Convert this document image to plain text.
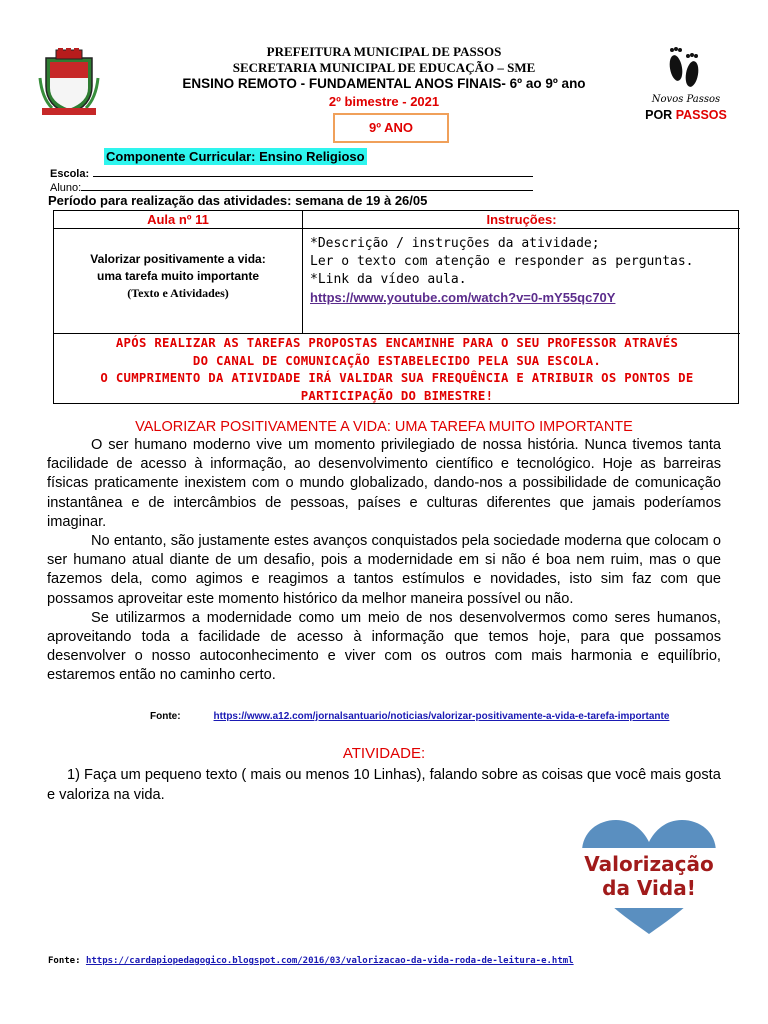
PREFEITURA MUNICIPAL DE PASSOS
SECRETARIA MUNICIPAL DE EDUCAÇÃO – SME
ENSINO REMOTO - FUNDAMENTAL ANOS FINAIS- 6º ao 9º ano
2º bimestre - 2021
9º ANO
Novos Passos
POR PASSOS
Componente Curricular: Ensino Religioso
Escola:
Aluno:
Período para realização das atividades: semana de 19 à 26/05
Aula nº 11	Instruções:
Valorizar positivamente a vida:
uma tarefa muito importante
(Texto e Atividades)
*Descrição / instruções da atividade;
Ler o texto com atenção e responder as perguntas.
*Link da vídeo aula.
https://www.youtube.com/watch?v=0-mY55qc70Y
APÓS REALIZAR AS TAREFAS PROPOSTAS ENCAMINHE PARA O SEU PROFESSOR ATRAVÉS
DO CANAL DE COMUNICAÇÃO ESTABELECIDO PELA SUA ESCOLA.
O CUMPRIMENTO DA ATIVIDADE IRÁ VALIDAR SUA FREQUÊNCIA E ATRIBUIR OS PONTOS DE
PARTICIPAÇÃO DO BIMESTRE!
VALORIZAR POSITIVAMENTE A VIDA: UMA TAREFA MUITO IMPORTANTE

O ser humano moderno vive um momento privilegiado de nossa história. Nunca tivemos tanta facilidade de acesso à informação, ao desenvolvimento científico e tecnológico. Hoje as barreiras físicas praticamente inexistem com o mundo globalizado, dando-nos a possibilidade de comunicação instantânea e de intercâmbios de pessoas, países e culturas diferentes que jamais poderíamos imaginar.

No entanto, são justamente estes avanços conquistados pela sociedade moderna que colocam o ser humano atual diante de um desafio, pois a modernidade em si não é boa nem ruim, mas o que fazemos dela, como agimos e reagimos a tantos estímulos e novidades, isto sim faz com que possamos aproveitar este momento histórico da melhor maneira possível ou não.

Se utilizarmos a modernidade como um meio de nos desenvolvermos como seres humanos, aproveitando toda a facilidade de acesso à informação que temos hoje, para que possamos desenvolver o nosso autoconhecimento e viver com os outros com mais harmonia e equilíbrio, estaremos então no caminho certo.

Fonte:	https://www.a12.com/jornalsantuario/noticias/valorizar-positivamente-a-vida-e-tarefa-importante
ATIVIDADE:
1) Faça um pequeno texto ( mais ou menos 10 Linhas), falando sobre as coisas que você mais gosta e valoriza na vida.
Valorização
da Vida!
Fonte: https://cardapiopedagogico.blogspot.com/2016/03/valorizacao-da-vida-roda-de-leitura-e.html
